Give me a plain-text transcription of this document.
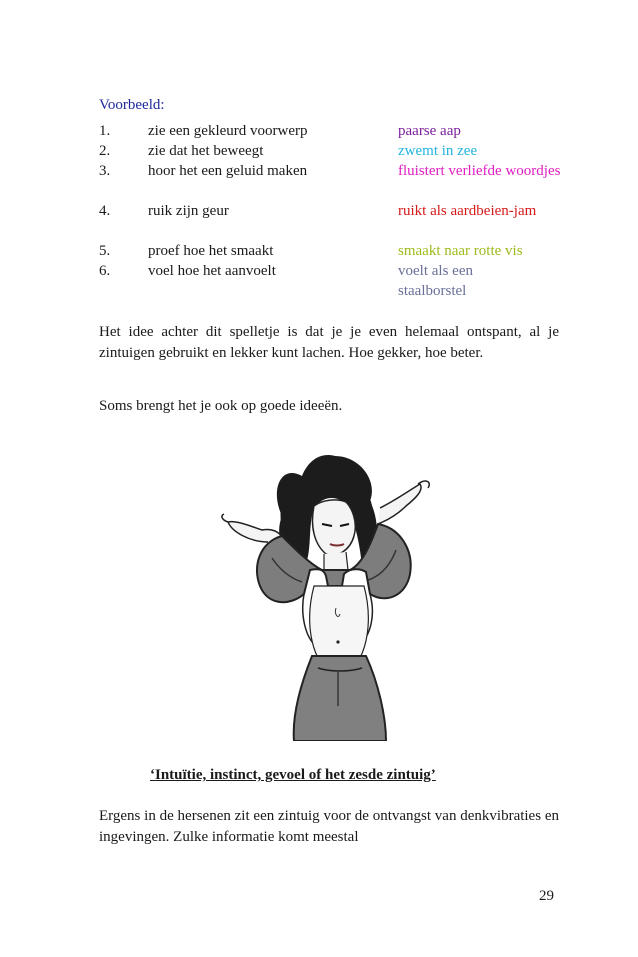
Voorbeeld:
1.	zie een gekleurd voorwerp	paarse aap
2.	zie dat het beweegt	zwemt in zee
3.	hoor het een geluid maken	fluistert verliefde woordjes
4.	ruik zijn geur	ruikt als aardbeien-jam
5.	proef hoe het smaakt	smaakt naar rotte vis
6.	voel hoe het aanvoelt	voelt als een staalborstel

Het idee achter dit spelletje is dat je je even helemaal ontspant, al je zintuigen gebruikt en lekker kunt lachen. Hoe gekker, hoe beter.

Soms brengt het je ook op goede ideeën.

‘Intuïtie, instinct, gevoel of het zesde zintuig’

Ergens in de hersenen zit een zintuig voor de ontvangst van denkvibraties en ingevingen. Zulke informatie komt meestal

29
